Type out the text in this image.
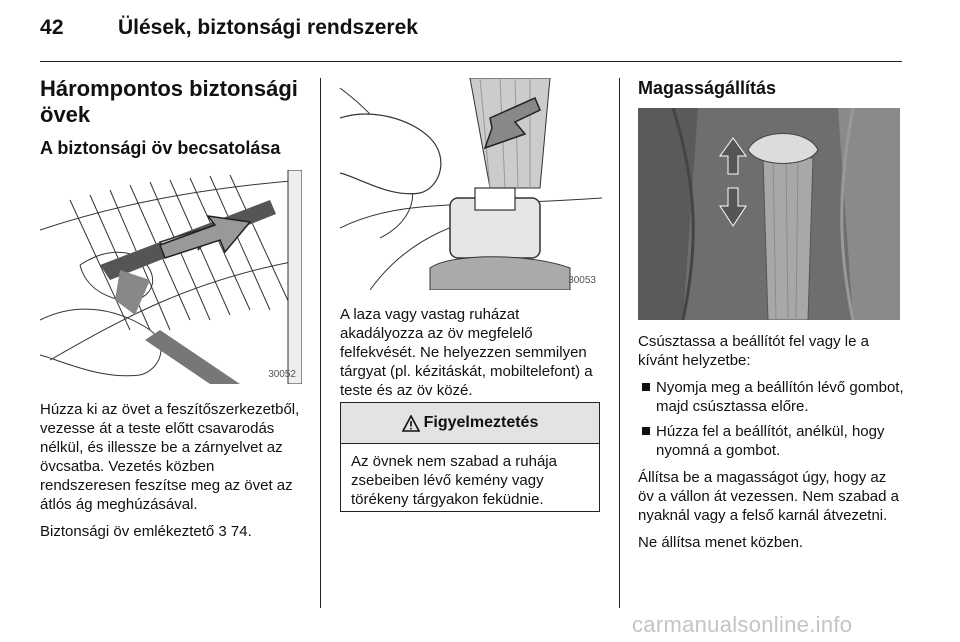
42	Ülések, biztonsági rendszerek
Hárompontos biztonsági övek
A biztonsági öv becsatolása
30052

Húzza ki az övet a feszítőszerkezetből, vezesse át a teste előtt csavarodás nélkül, és illessze be a zárnyelvet az övcsatba. Vezetés közben rendszeresen feszítse meg az övet az átlós ág meghúzásával.

Biztonsági öv emlékeztető 3 74.

30053

A laza vagy vastag ruházat akadályozza az öv megfelelő felfekvését. Ne helyezzen semmilyen tárgyat (pl. kézitáskát, mobiltelefont) a teste és az öv közé.

Figyelmeztetés
Az övnek nem szabad a ruhája zsebeiben lévő kemény vagy törékeny tárgyakon feküdnie.
Magasságállítás

Csúsztassa a beállítót fel vagy le a kívánt helyzetbe:

Nyomja meg a beállítón lévő gombot, majd csúsztassa előre.
Húzza fel a beállítót, anélkül, hogy nyomná a gombot.

Állítsa be a magasságot úgy, hogy az öv a vállon át vezessen. Nem szabad a nyaknál vagy a felső karnál átvezetni.

Ne állítsa menet közben.

carmanualsonline.info
